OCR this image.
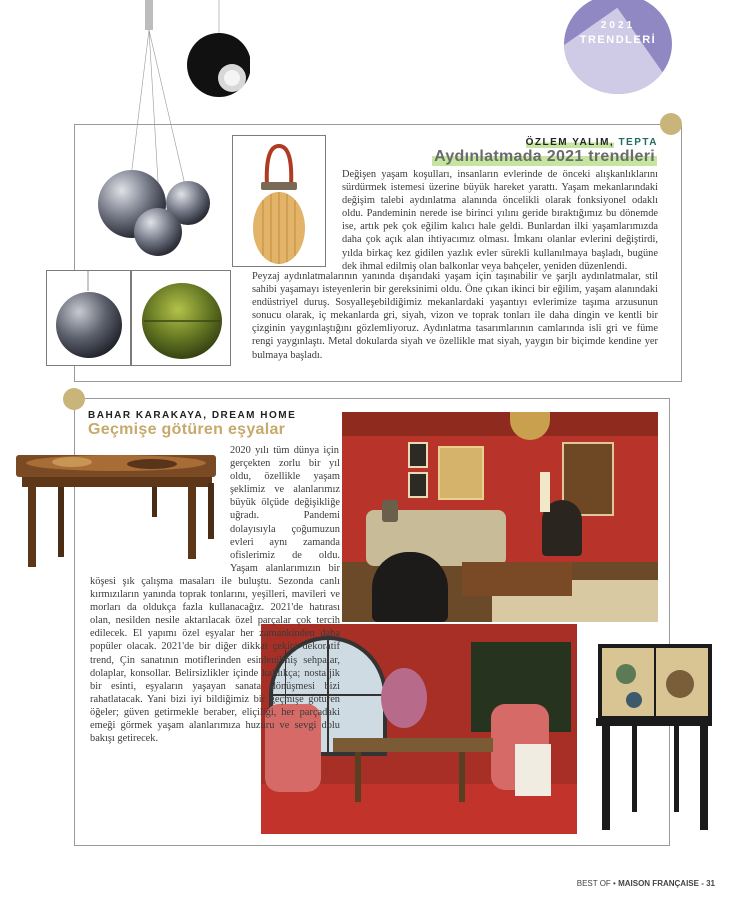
2021
TRENDLERİ
ÖZLEM YALIM, TEPTA
Aydınlatmada 2021 trendleri

Değişen yaşam koşulları, insanların evlerinde de önceki alışkanlıklarını sürdürmek istemesi üzerine büyük hareket yarattı. Yaşam mekanlarındaki değişim talebi aydınlatma alanında öncelikli olarak fonksiyonel odaklı oldu. Pandeminin nerede ise birinci yılını geride bıraktığımız bu dönemde ise, artık pek çok eğilim kalıcı hale geldi. Bunlardan ilki yaşamlarımızda daha çok açık alan ihtiyacımız olması. İmkanı olanlar evlerini değiştirdi, yılda birkaç kez gidilen yazlık evler sürekli kullanılmaya başladı, bugüne dek ihmal edilmiş olan balkonlar veya bahçeler, yeniden düzenlendi.

Peyzaj aydınlatmalarının yanında dışarıdaki yaşam için taşınabilir ve şarjlı aydınlatmalar, stil sahibi yaşamayı isteyenlerin bir gereksinimi oldu. Öne çıkan ikinci bir eğilim, yaşam alanındaki endüstriyel duruş. Sosyalleşebildiğimiz mekanlardaki yaşantıyı evlerimize taşıma arzusunun sonucu olarak, iç mekanlarda gri, siyah, vizon ve toprak tonları ile daha dingin ve kentli bir çizginin yaygınlaştığını gözlemliyoruz. Aydınlatma tasarımlarının camlarında isli gri ve füme rengi yaygınlaştı. Metal dokularda siyah ve özellikle mat siyah, yaygın bir biçimde kendine yer bulmaya başladı.

BAHAR KARAKAYA, DREAM HOME
Geçmişe götüren eşyalar

2020 yılı tüm dünya için gerçekten zorlu bir yıl oldu, özellikle yaşam şeklimiz ve alanlarımız büyük ölçüde değişikliğe uğradı. Pandemi dolayısıyla çoğumuzun evleri aynı zamanda ofislerimiz de oldu. Yaşam alanlarımızın bir köşesi şık çalışma masaları ile buluştu. Sezonda canlı kırmızıların yanında toprak tonlarını, yeşilleri, mavileri ve morları da oldukça fazla kullanacağız. 2021'de hatırası olan, nesilden nesile aktarılacak özel parçalar çok tercih edilecek. El yapımı özel eşyalar her zamankinden daha popüler olacak. 2021'de bir diğer dikkat çekici dekoratif trend, Çin sanatının motiflerinden esinlenilmiş sehpalar, dolaplar, konsollar. Belirsizlikler içinde kaldıkça; nostaljik bir esinti, eşyaların yaşayan sanata dönüşmesi bizi rahatlatacak. Yani bizi iyi bildiğimiz bir geçmişe götüren öğeler; güven getirmekle beraber, eliçiliği, her parçadaki emeği görmek yaşam alanlarımıza huzuru ve sevgi dolu bakışı getirecek.

BEST OF • MAISON FRANÇAISE - 31
